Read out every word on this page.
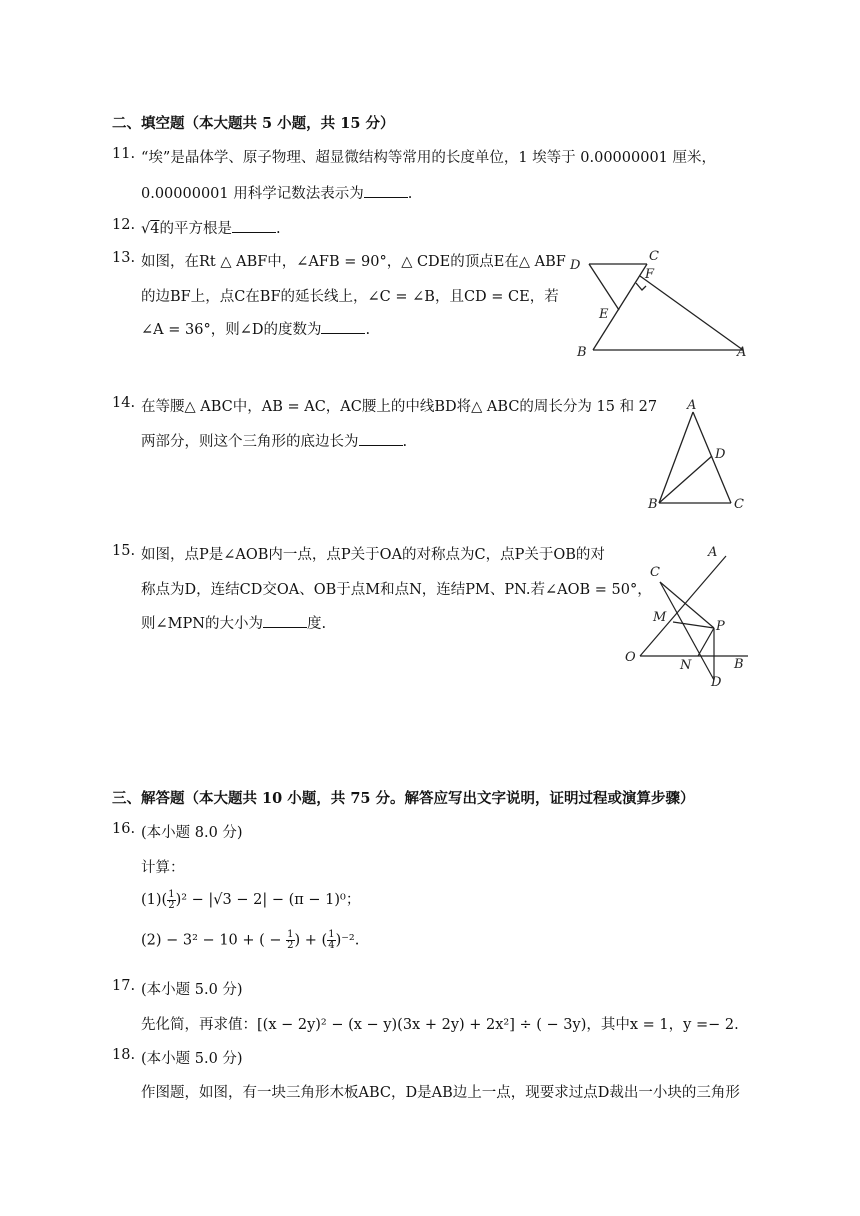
二、填空题（本大题共 5 小题，共 15 分）
11. “埃”是晶体学、原子物理、超显微结构等常用的长度单位，1 埃等于 0.00000001 厘米，
0.00000001 用科学记数法表示为	.
12. √4的平方根是	.
13. 如图，在Rt △ ABF中，∠AFB = 90°，△ CDE的顶点E在△ ABF
的边BF上，点C在BF的延长线上，∠C = ∠B，且CD = CE，若
∠A = 36°，则∠D的度数为	.
D
C
F
E
B	A
14. 在等腰△ ABC中，AB = AC，AC腰上的中线BD将△ ABC的周长分为 15 和 27
两部分，则这个三角形的底边长为	.
A
D
B	C
15. 如图，点P是∠AOB内一点，点P关于OA的对称点为C，点P关于OB的对
称点为D，连结CD交OA、OB于点M和点N，连结PM、PN.若∠AOB = 50°，
则∠MPN的大小为	度.
A
C
M
P
O
N	B
D
三、解答题（本大题共 10 小题，共 75 分。解答应写出文字说明，证明过程或演算步骤）
16. (本小题 8.0 分)
计算：
$(1)( \frac{1}{2} )^2 - |√3 - 2| - (\pi - 1)^0$；
(2) − 3² − 10 + ( − $\frac{1}{2}$ ) + ( $\frac{1}{4} )^{-2}$.
17. (本小题 5.0 分)
先化简，再求值：[(x − 2y)² − (x − y)(3x + 2y) + 2x²] ÷ ( − 3y)，其中x = 1，y =− 2.
18. (本小题 5.0 分)
作图题，如图，有一块三角形木板ABC，D是AB边上一点，现要求过点D裁出一小块的三角形
